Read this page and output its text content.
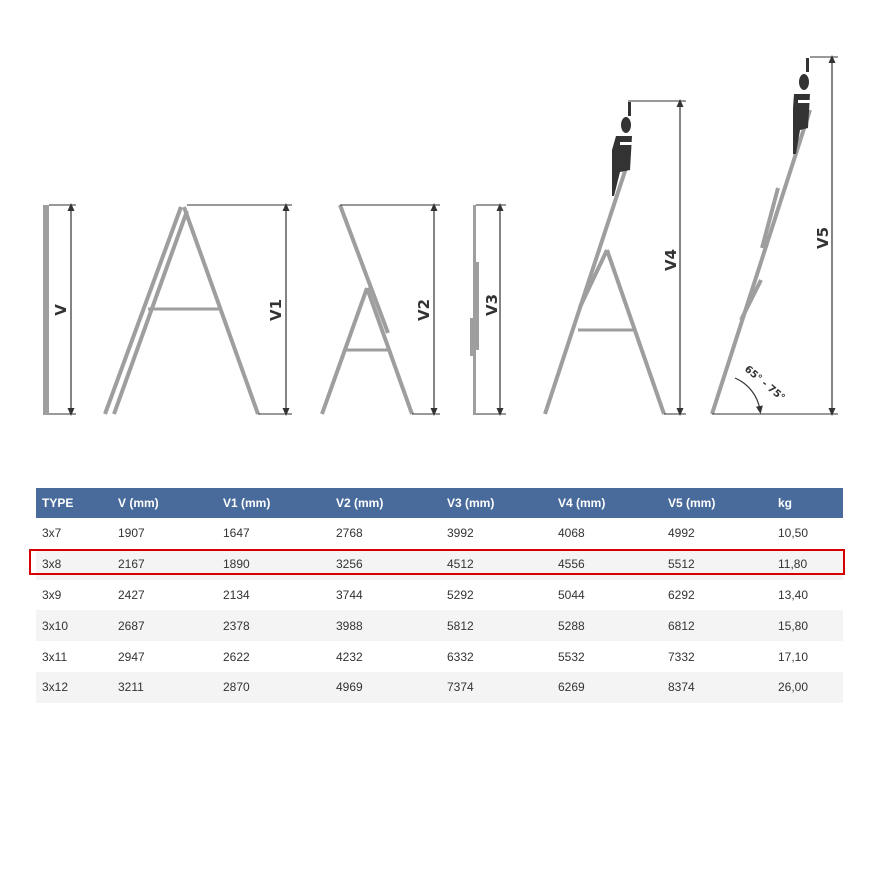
V	V1	V2	V3
V4
V5
65° - 75°
TYPE	V (mm)	V1 (mm)	V2 (mm)	V3 (mm)	V4 (mm)	V5 (mm)	kg
3x7	1907	1647	2768	3992	4068	4992	10,50
3x8	2167	1890	3256	4512	4556	5512	11,80
3x9	2427	2134	3744	5292	5044	6292	13,40
3x10	2687	2378	3988	5812	5288	6812	15,80
3x11	2947	2622	4232	6332	5532	7332	17,10
3x12	3211	2870	4969	7374	6269	8374	26,00
